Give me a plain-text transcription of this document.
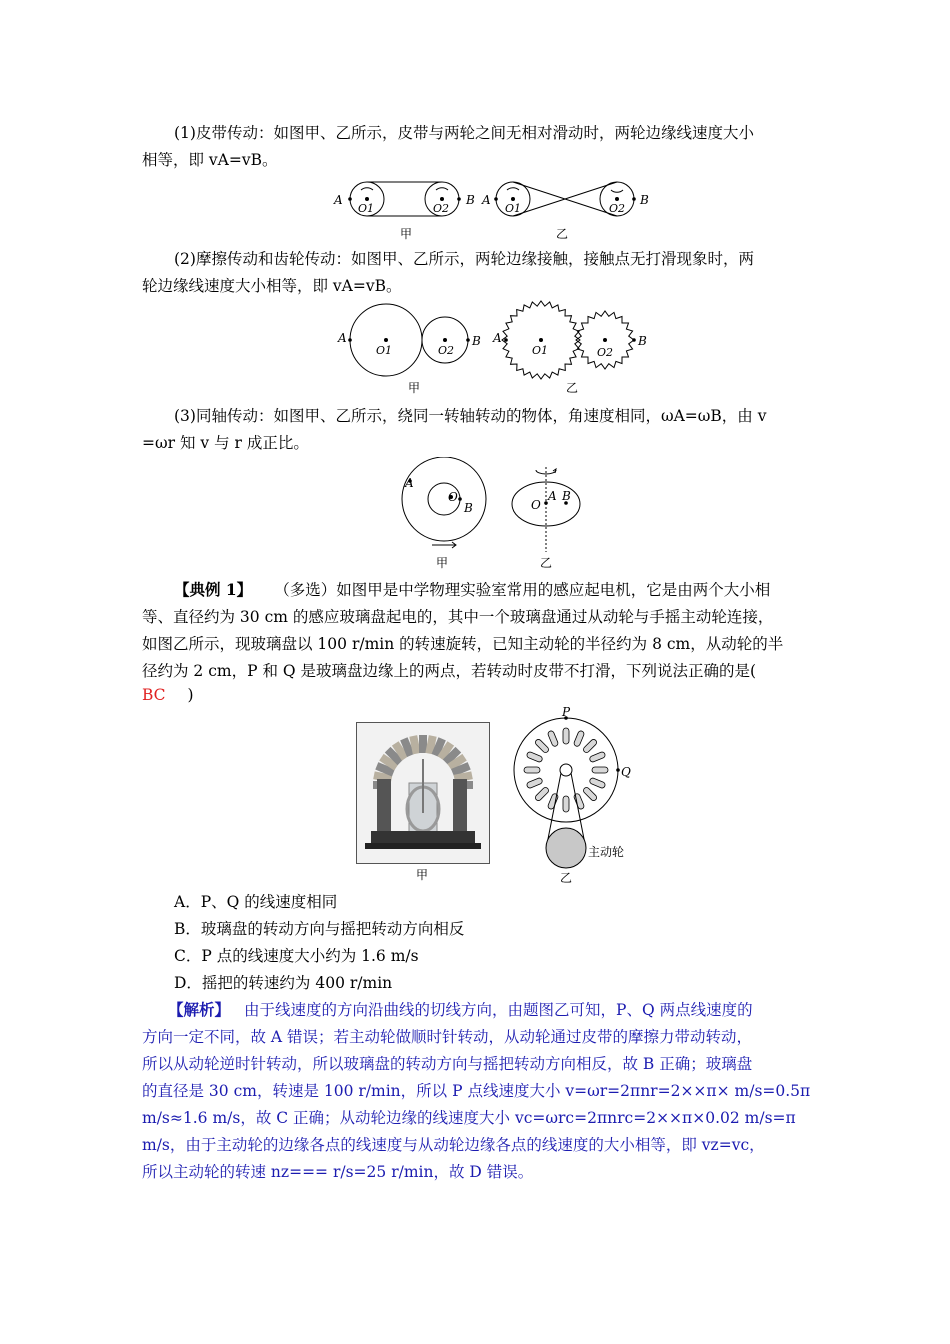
(1)皮带传动：如图甲、乙所示，皮带与两轮之间无相对滑动时，两轮边缘线速度大小
相等，即 vA=vB。
A
O1	O2
B A
O1	O2
B
甲	乙
(2)摩擦传动和齿轮传动：如图甲、乙所示，两轮边缘接触，接触点无打滑现象时，两
轮边缘线速度大小相等，即 vA=vB。
A
O1	O2
B A
O1	O2
B
甲	乙
(3)同轴传动：如图甲、乙所示，绕同一转轴转动的物体，角速度相同，ωA=ωB，由 v
=ωr 知 v 与 r 成正比。
A
O
B	O
A B
甲	乙
【典例 1】 （多选）如图甲是中学物理实验室常用的感应起电机，它是由两个大小相
等、直径约为 30 cm 的感应玻璃盘起电的，其中一个玻璃盘通过从动轮与手摇主动轮连接，
如图乙所示，现玻璃盘以 100 r/min 的转速旋转，已知主动轮的半径约为 8 cm，从动轮的半
径约为 2 cm，P 和 Q 是玻璃盘边缘上的两点，若转动时皮带不打滑，下列说法正确的是(
BC )
甲
P
Q
主动轮
乙
A．P、Q 的线速度相同
B．玻璃盘的转动方向与摇把转动方向相反
C．P 点的线速度大小约为 1.6 m/s
D．摇把的转速约为 400 r/min
【解析】 由于线速度的方向沿曲线的切线方向，由题图乙可知，P、Q 两点线速度的
方向一定不同，故 A 错误；若主动轮做顺时针转动，从动轮通过皮带的摩擦力带动转动，
所以从动轮逆时针转动，所以玻璃盘的转动方向与摇把转动方向相反，故 B 正确；玻璃盘
的直径是 30 cm，转速是 100 r/min，所以 P 点线速度大小 v=ωr=2πnr=2××π× m/s=0.5π
m/s≈1.6 m/s，故 C 正确；从动轮边缘的线速度大小 vc=ωrc=2πnrc=2××π×0.02 m/s=π
m/s，由于主动轮的边缘各点的线速度与从动轮边缘各点的线速度的大小相等，即 vz=vc，
所以主动轮的转速 nz=== r/s=25 r/min，故 D 错误。
